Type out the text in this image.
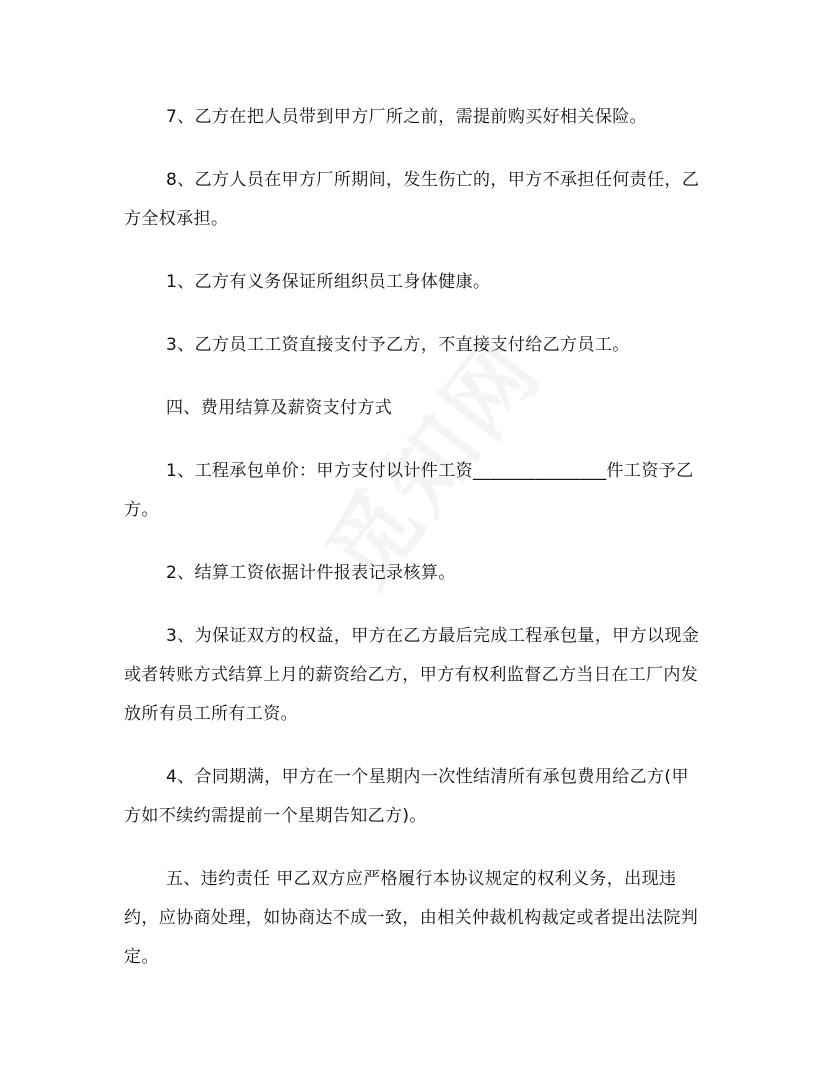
7、乙方在把人员带到甲方厂所之前，需提前购买好相关保险。

8、乙方人员在甲方厂所期间，发生伤亡的，甲方不承担任何责任，乙方全权承担。

1、乙方有义务保证所组织员工身体健康。

3、乙方员工工资直接支付予乙方，不直接支付给乙方员工。

四、费用结算及薪资支付方式

1、工程承包单价：甲方支付以计件工资_______________件工资予乙方。

2、结算工资依据计件报表记录核算。

3、为保证双方的权益，甲方在乙方最后完成工程承包量，甲方以现金或者转账方式结算上月的薪资给乙方，甲方有权利监督乙方当日在工厂内发放所有员工所有工资。

4、合同期满，甲方在一个星期内一次性结清所有承包费用给乙方(甲方如不续约需提前一个星期告知乙方)。

五、违约责任 甲乙双方应严格履行本协议规定的权利义务，出现违约，应协商处理，如协商达不成一致，由相关仲裁机构裁定或者提出法院判定。
